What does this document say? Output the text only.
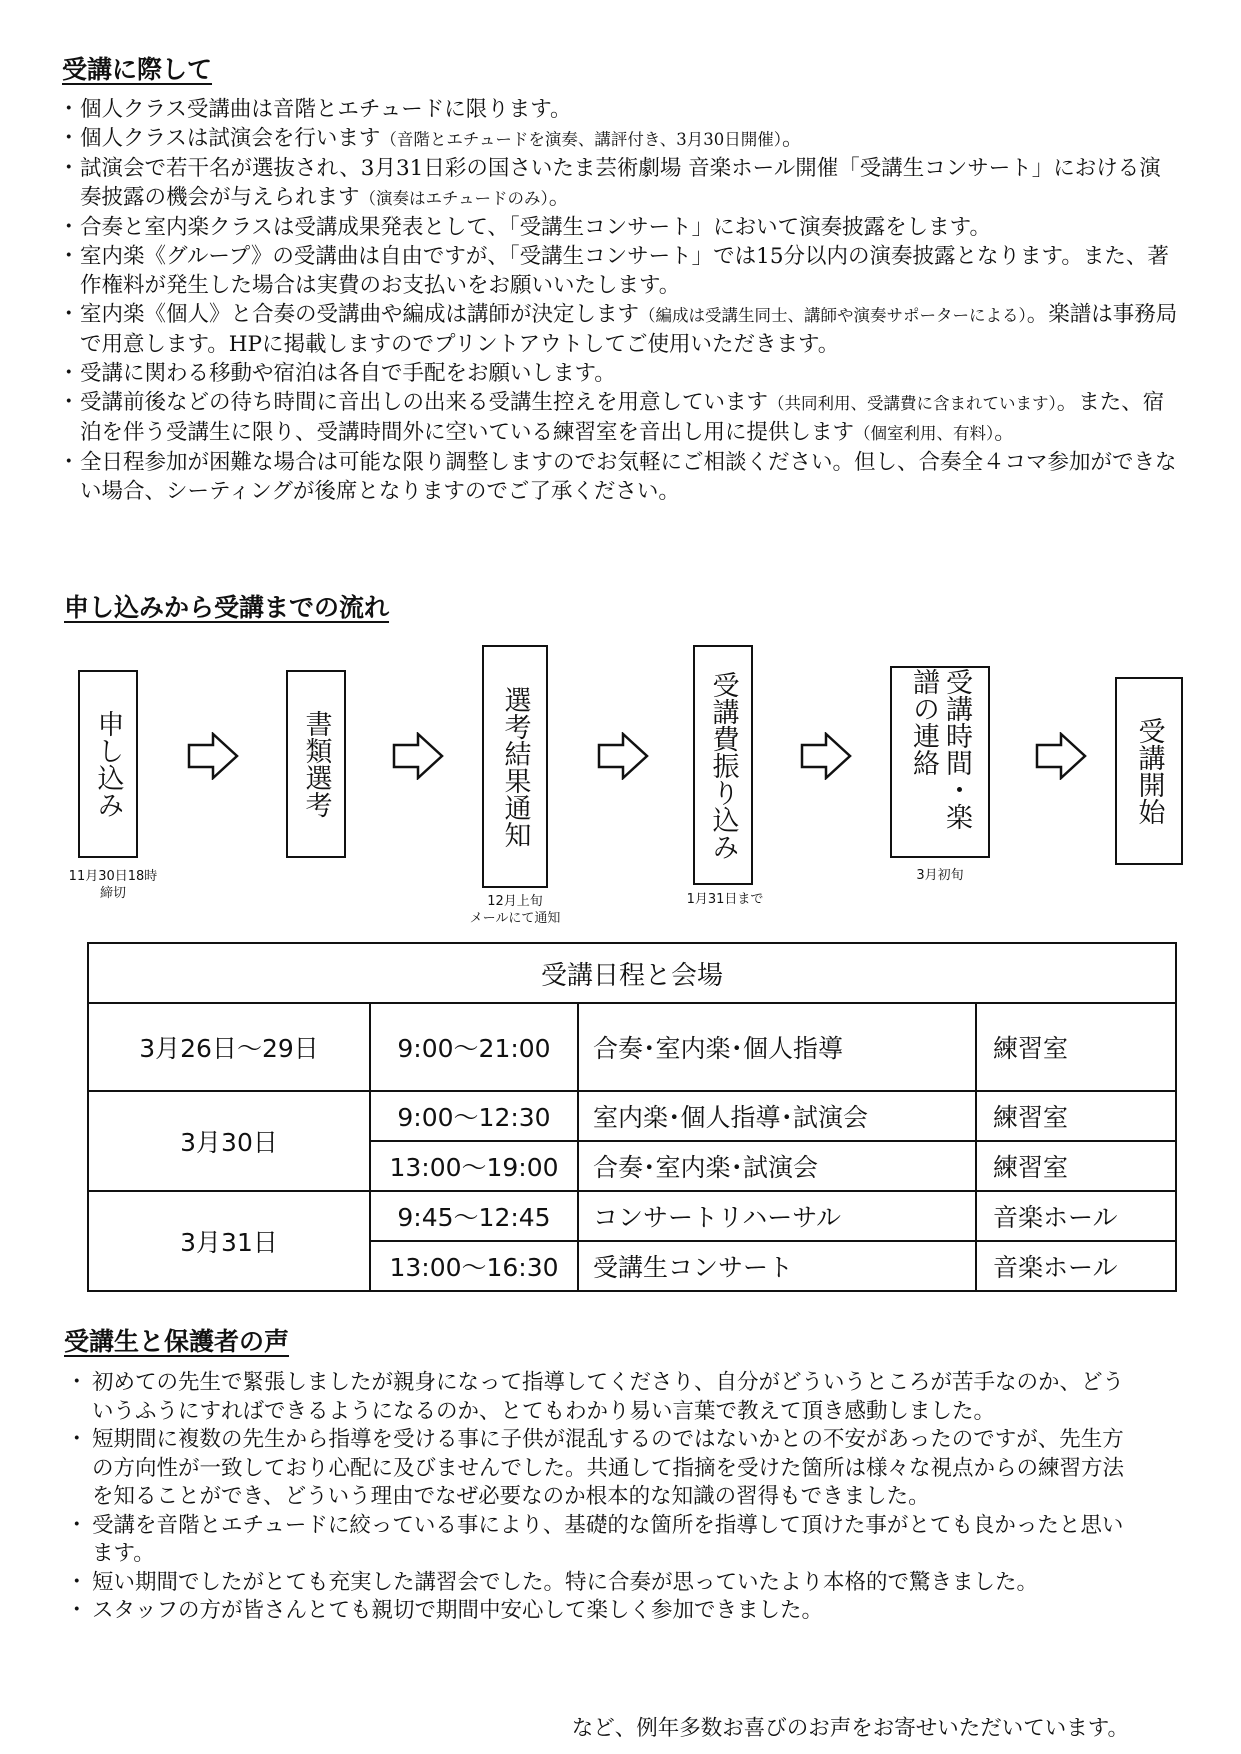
受講に際して
・ 個人クラス受講曲は音階とエチュードに限ります。
・ 個人クラスは試演会を行います（音階とエチュードを演奏、講評付き、3月30日開催）。
・ 試演会で若干名が選抜され、3月31日彩の国さいたま芸術劇場 音楽ホール開催「受講生コンサート」における演奏披露の機会が与えられます（演奏はエチュードのみ）。
・ 合奏と室内楽クラスは受講成果発表として、「受講生コンサート」において演奏披露をします。
・ 室内楽《グループ》の受講曲は自由ですが、「受講生コンサート」では15分以内の演奏披露となります。また、著作権料が発生した場合は実費のお支払いをお願いいたします。
・ 室内楽《個人》と合奏の受講曲や編成は講師が決定します（編成は受講生同士、講師や演奏サポーターによる）。楽譜は事務局で用意します。HPに掲載しますのでプリントアウトしてご使用いただきます。
・ 受講に関わる移動や宿泊は各自で手配をお願いします。
・ 受講前後などの待ち時間に音出しの出来る受講生控えを用意しています（共同利用、受講費に含まれています）。また、宿泊を伴う受講生に限り、受講時間外に空いている練習室を音出し用に提供します（個室利用、有料）。
・ 全日程参加が困難な場合は可能な限り調整しますのでお気軽にご相談ください。但し、合奏全４コマ参加ができない場合、シーティングが後席となりますのでご了承ください。
申し込みから受講までの流れ
申し込み	書類選考	選考結果通知	受講費振り込み	受講時間・楽譜の連絡	受講開始
11月30日18時
締切
12月上旬
メールにて通知
1月31日まで
3月初旬
受講日程と会場			
3月26日～29日	9:00～21:00	合奏･室内楽･個人指導	練習室
3月30日	9:00～12:30	室内楽･個人指導･試演会	練習室
	13:00～19:00	合奏･室内楽･試演会	練習室
3月31日	9:45～12:45	コンサートリハーサル	音楽ホール
	13:00～16:30	受講生コンサート	音楽ホール
受講生と保護者の声
・ 初めての先生で緊張しましたが親身になって指導してくださり、自分がどういうところが苦手なのか、どういうふうにすればできるようになるのか、とてもわかり易い言葉で教えて頂き感動しました。
・ 短期間に複数の先生から指導を受ける事に子供が混乱するのではないかとの不安があったのですが、先生方の方向性が一致しており心配に及びませんでした。共通して指摘を受けた箇所は様々な視点からの練習方法を知ることができ、どういう理由でなぜ必要なのか根本的な知識の習得もできました。
・ 受講を音階とエチュードに絞っている事により、基礎的な箇所を指導して頂けた事がとても良かったと思います。
・ 短い期間でしたがとても充実した講習会でした。特に合奏が思っていたより本格的で驚きました。
・ スタッフの方が皆さんとても親切で期間中安心して楽しく参加できました。
など、例年多数お喜びのお声をお寄せいただいています。
